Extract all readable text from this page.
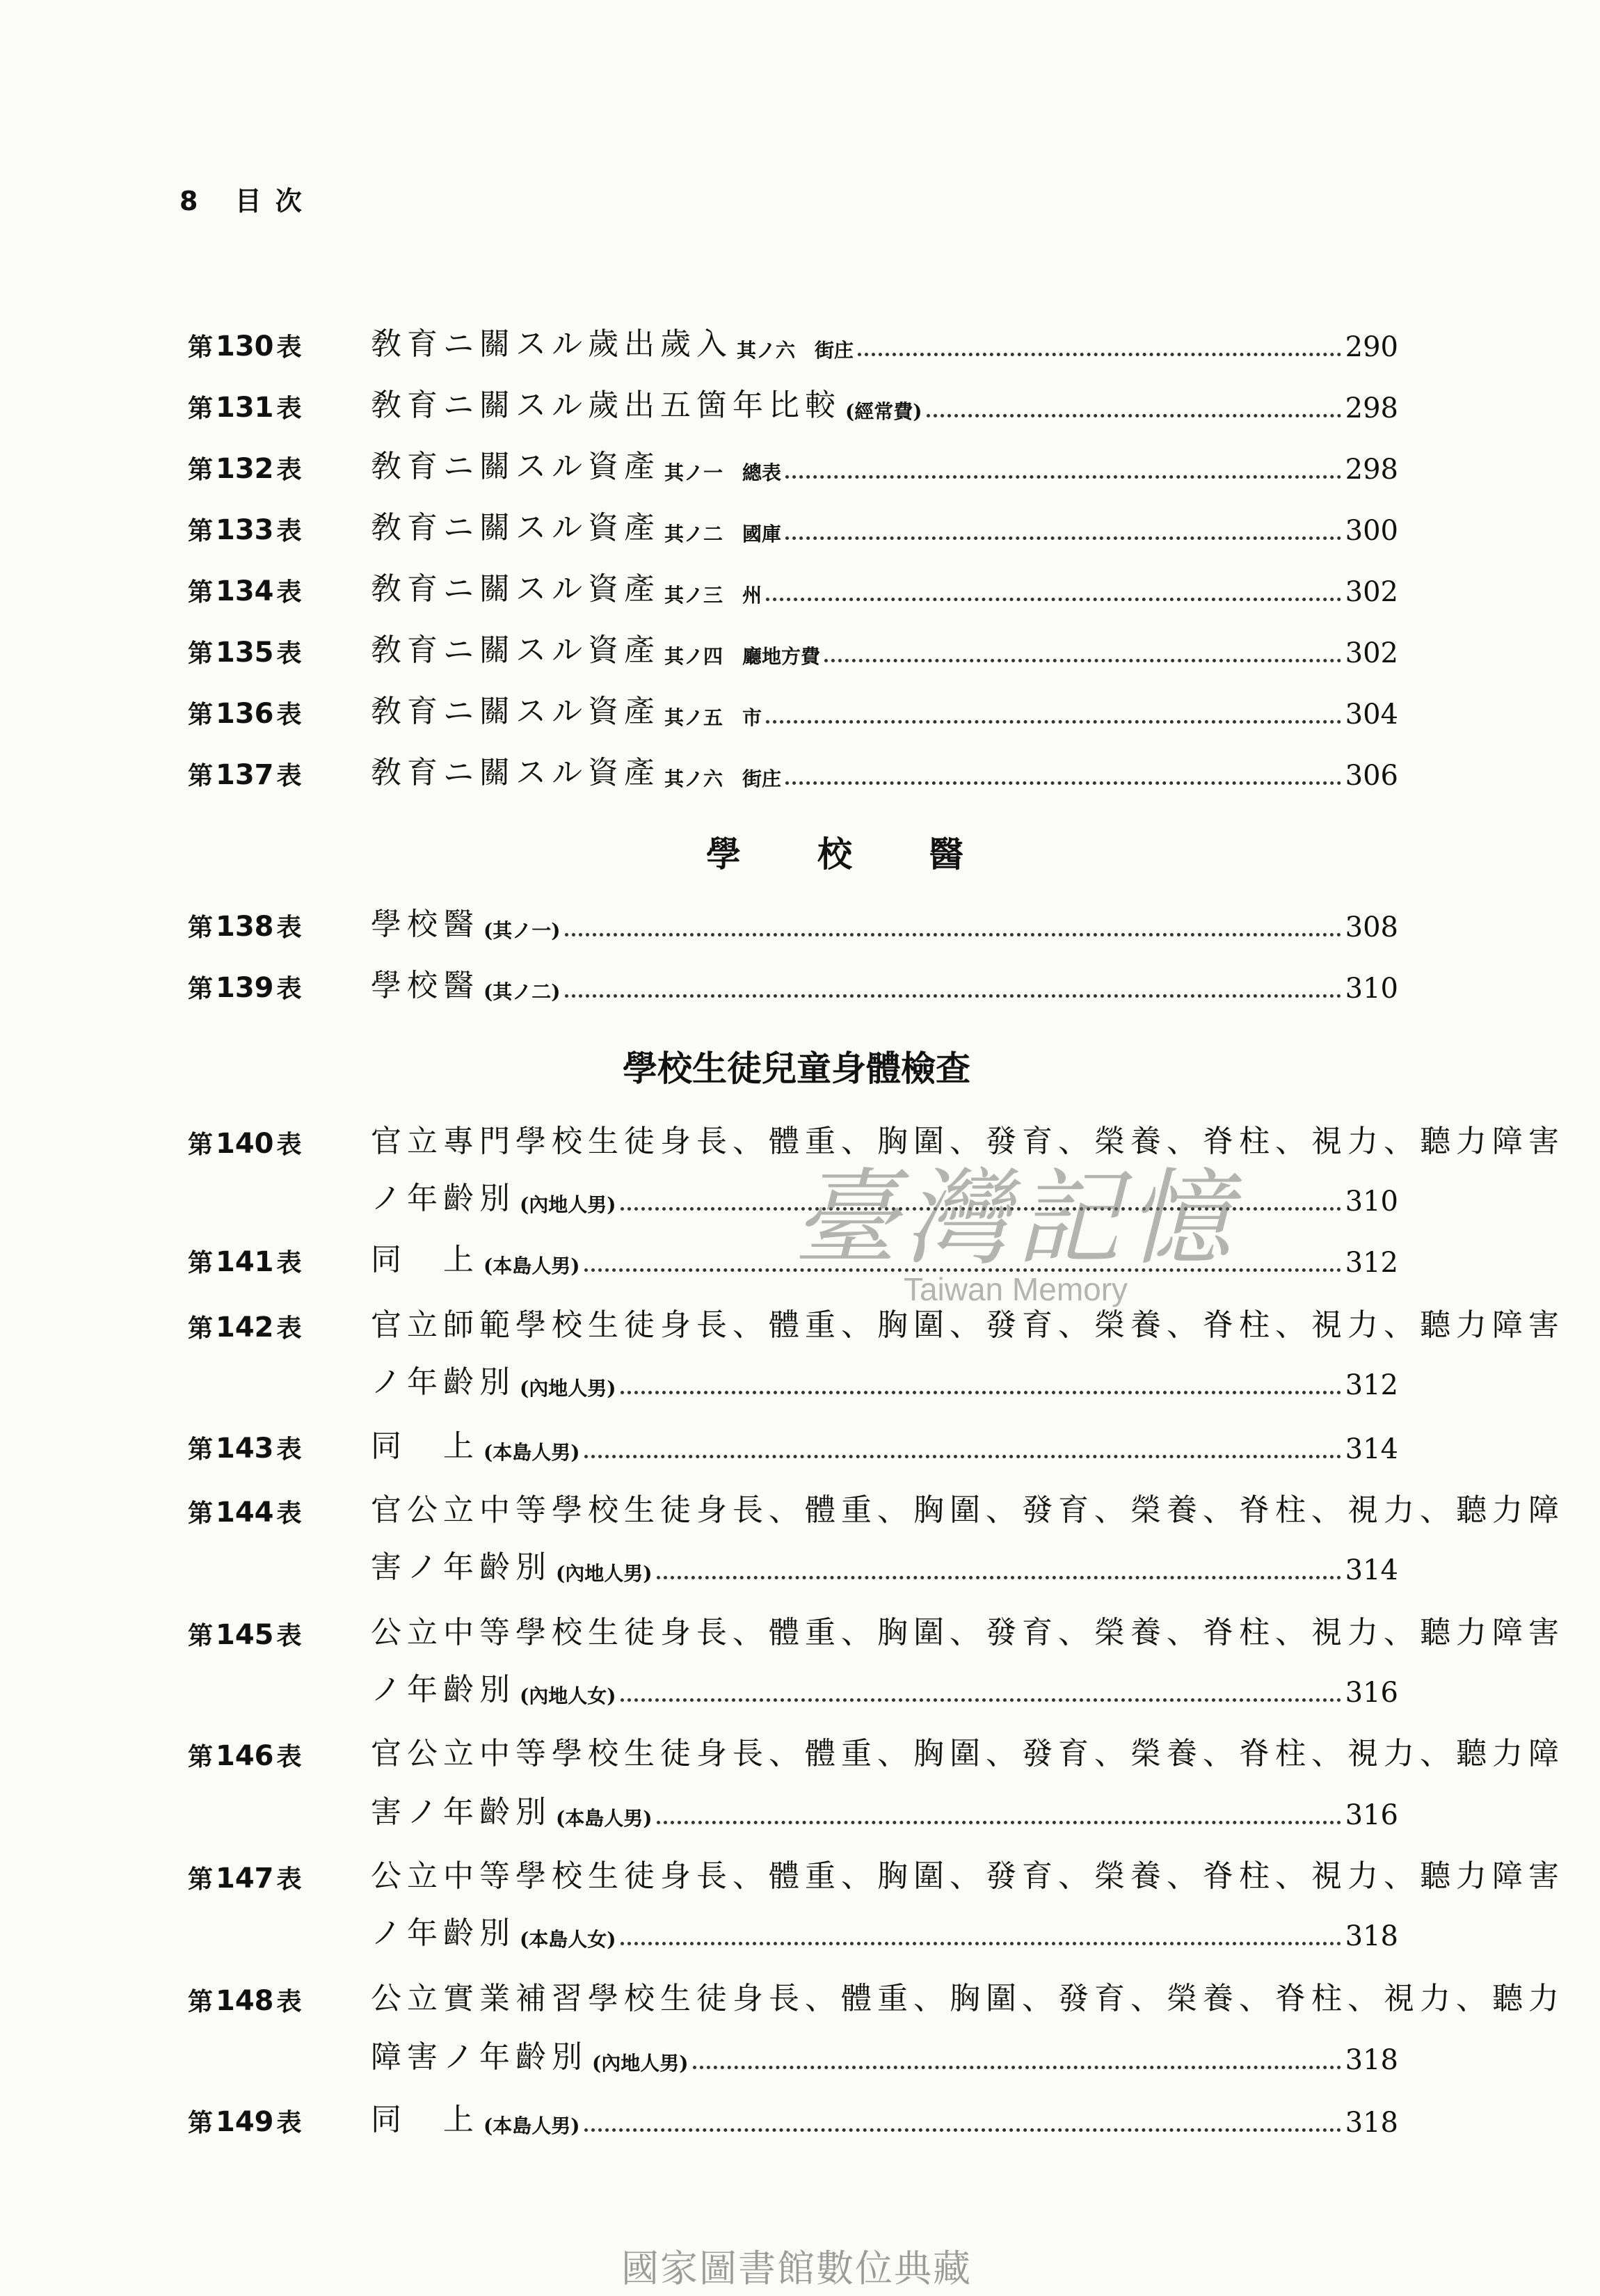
8 目次
第 130 表	敎育ニ關スル歲出歲入 其ノ六　街庄	290
第 131 表	敎育ニ關スル歲出五箇年比較 (經常費)	298
第 132 表	敎育ニ關スル資產 其ノ一　總表	298
第 133 表	敎育ニ關スル資產 其ノ二　國庫	300
第 134 表	敎育ニ關スル資產 其ノ三　州	302
第 135 表	敎育ニ關スル資產 其ノ四　廳地方費	302
第 136 表	敎育ニ關スル資產 其ノ五　市	304
第 137 表	敎育ニ關スル資產 其ノ六　街庄	306
學校醫
第 138 表	學校醫 (其ノ一)	308
第 139 表	學校醫 (其ノ二)	310
學校生徒兒童身體檢查
第 140 表	官立專門學校生徒身長、體重、胸圍、發育、榮養、脊柱、視力、聽力障害
ノ年齡別 (內地人男)	310
第 141 表	同　上 (本島人男)	312
第 142 表	官立師範學校生徒身長、體重、胸圍、發育、榮養、脊柱、視力、聽力障害
ノ年齡別 (內地人男)	312
第 143 表	同　上 (本島人男)	314
第 144 表	官公立中等學校生徒身長、體重、胸圍、發育、榮養、脊柱、視力、聽力障
害ノ年齡別 (內地人男)	314
第 145 表	公立中等學校生徒身長、體重、胸圍、發育、榮養、脊柱、視力、聽力障害
ノ年齡別 (內地人女)	316
第 146 表	官公立中等學校生徒身長、體重、胸圍、發育、榮養、脊柱、視力、聽力障
害ノ年齡別 (本島人男)	316
第 147 表	公立中等學校生徒身長、體重、胸圍、發育、榮養、脊柱、視力、聽力障害
ノ年齡別 (本島人女)	318
第 148 表	公立實業補習學校生徒身長、體重、胸圍、發育、榮養、脊柱、視力、聽力
障害ノ年齡別 (內地人男)	318
第 149 表	同　上 (本島人男)	318
臺灣記憶
Taiwan Memory
國家圖書館數位典藏
